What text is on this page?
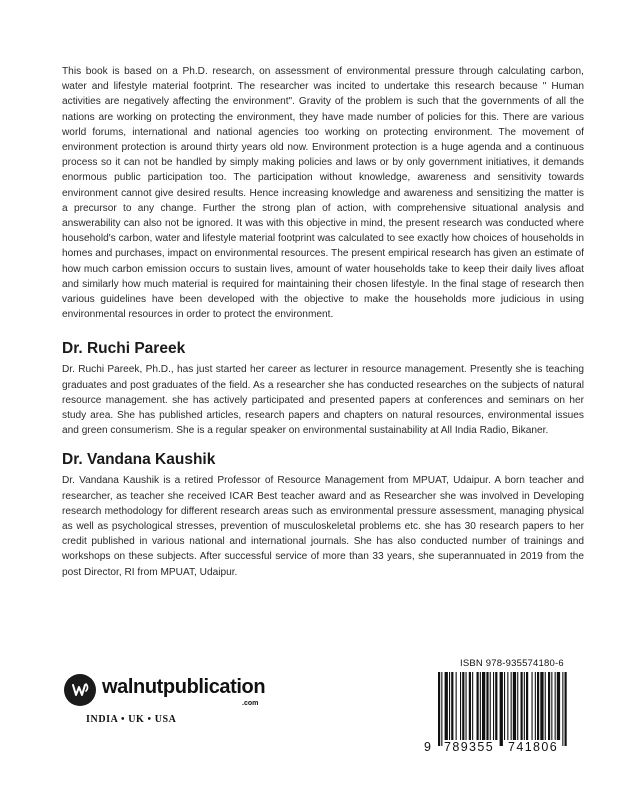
This book is based on a Ph.D. research, on assessment of environmental pressure through calculating carbon, water and lifestyle material footprint. The researcher was incited to undertake this research because " Human activities are negatively affecting the environment". Gravity of the problem is such that the governments of all the nations are working on protecting the environment, they have made number of policies for this. There are various world forums, international and national agencies too working on protecting environment. The movement of environment protection is around thirty years old now. Environment protection is a huge agenda and a continuous process so it can not be handled by simply making policies and laws or by only government initiatives, it demands enormous public participation too. The participation without knowledge, awareness and sensitivity towards environment cannot give desired results. Hence increasing knowledge and awareness and sensitizing the matter is a precursor to any change. Further the strong plan of action, with comprehensive situational analysis and answerability can also not be ignored. It was with this objective in mind, the present research was conducted where household's carbon, water and lifestyle material footprint was calculated to see exactly how choices of households in homes and purchases, impact on environmental resources. The present empirical research has given an estimate of how much carbon emission occurs to sustain lives, amount of water households take to keep their daily lives afloat and similarly how much material is required for maintaining their chosen lifestyle. In the final stage of research then various guidelines have been developed with the objective to make the households more judicious in using environmental resources in order to protect the environment.

Dr. Ruchi Pareek

Dr. Ruchi Pareek, Ph.D., has just started her career as lecturer in resource management. Presently she is teaching graduates and post graduates of the field. As a researcher she has conducted researches on the subjects of natural resource management. she has actively participated and presented papers at conferences and seminars on her study area. She has published articles, research papers and chapters on natural resources, environmental issues and green consumerism. She is a regular speaker on environmental sustainability at All India Radio, Bikaner.

Dr. Vandana Kaushik

Dr. Vandana Kaushik is a retired Professor of Resource Management from MPUAT, Udaipur. A born teacher and researcher, as teacher she received ICAR Best teacher award and as Researcher she was involved in Developing research methodology for different research areas such as environmental pressure assessment, managing physical as well as psychological stresses, prevention of musculoskeletal problems etc. she has 30 research papers to her credit published in various national and international journals. She has also conducted number of trainings and workshops on these subjects. After successful service of more than 33 years, she superannuated in 2019 from the post Director, RI from MPUAT, Udaipur.

walnutpublication
.com
INDIA • UK • USA
ISBN 978-935574180-6
9 789355 741806
